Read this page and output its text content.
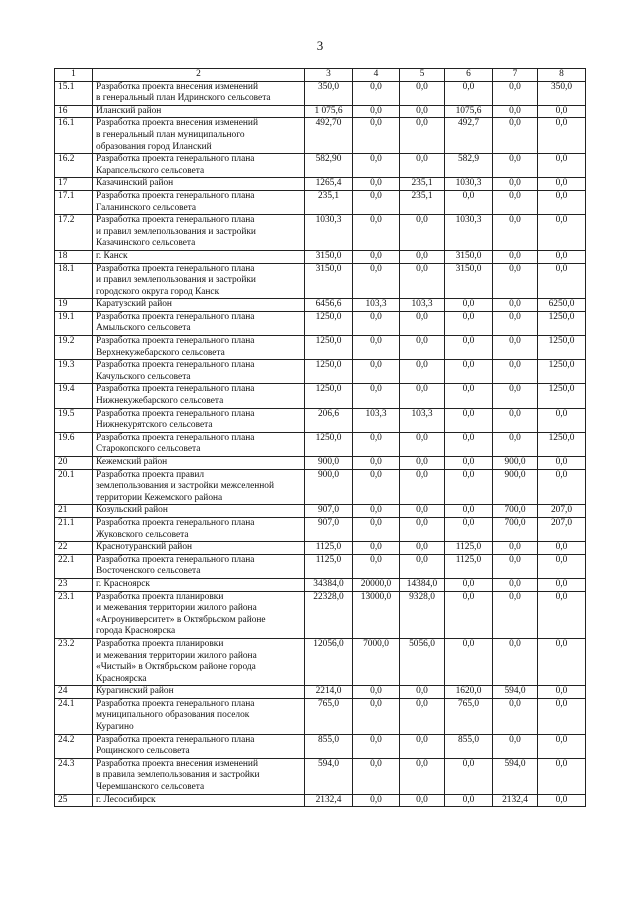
3
1	2	3	4	5	6	7	8
15.1	Разработка проекта внесения изменений
в генеральный план Идринского сельсовета	350,0	0,0	0,0	0,0	0,0	350,0
16	Иланский район	1 075,6	0,0	0,0	1075,6	0,0	0,0
16.1	Разработка проекта внесения изменений
в генеральный план муниципального
образования город Иланский	492,70	0,0	0,0	492,7	0,0	0,0
16.2	Разработка проекта генерального плана
Карапсельского сельсовета	582,90	0,0	0,0	582,9	0,0	0,0
17	Казачинский район	1265,4	0,0	235,1	1030,3	0,0	0,0
17.1	Разработка проекта генерального плана
Галанинского сельсовета	235,1	0,0	235,1	0,0	0,0	0,0
17.2	Разработка проекта генерального плана
и правил землепользования и застройки
Казачинского сельсовета	1030,3	0,0	0,0	1030,3	0,0	0,0
18	г. Канск	3150,0	0,0	0,0	3150,0	0,0	0,0
18.1	Разработка проекта генерального плана
и правил землепользования и застройки
городского округа город Канск	3150,0	0,0	0,0	3150,0	0,0	0,0
19	Каратузский район	6456,6	103,3	103,3	0,0	0,0	6250,0
19.1	Разработка проекта генерального плана
Амыльского сельсовета	1250,0	0,0	0,0	0,0	0,0	1250,0
19.2	Разработка проекта генерального плана
Верхнекужебарского сельсовета	1250,0	0,0	0,0	0,0	0,0	1250,0
19.3	Разработка проекта генерального плана
Качульского сельсовета	1250,0	0,0	0,0	0,0	0,0	1250,0
19.4	Разработка проекта генерального плана
Нижнекужебарского сельсовета	1250,0	0,0	0,0	0,0	0,0	1250,0
19.5	Разработка проекта генерального плана
Нижнекурятского сельсовета	206,6	103,3	103,3	0,0	0,0	0,0
19.6	Разработка проекта генерального плана
Старокопского сельсовета	1250,0	0,0	0,0	0,0	0,0	1250,0
20	Кежемский район	900,0	0,0	0,0	0,0	900,0	0,0
20.1	Разработка проекта правил
землепользования и застройки межселенной
территории Кежемского района	900,0	0,0	0,0	0,0	900,0	0,0
21	Козульский район	907,0	0,0	0,0	0,0	700,0	207,0
21.1	Разработка проекта генерального плана
Жуковского сельсовета	907,0	0,0	0,0	0,0	700,0	207,0
22	Краснотуранский район	1125,0	0,0	0,0	1125,0	0,0	0,0
22.1	Разработка проекта генерального плана
Восточенского сельсовета	1125,0	0,0	0,0	1125,0	0,0	0,0
23	г. Красноярск	34384,0	20000,0	14384,0	0,0	0,0	0,0
23.1	Разработка проекта планировки
и межевания территории жилого района
«Агроуниверситет» в Октябрьском районе
города Красноярска	22328,0	13000,0	9328,0	0,0	0,0	0,0
23.2	Разработка проекта планировки
и межевания территории жилого района
«Чистый» в Октябрьском районе города
Красноярска	12056,0	7000,0	5056,0	0,0	0,0	0,0
24	Курагинский район	2214,0	0,0	0,0	1620,0	594,0	0,0
24.1	Разработка проекта генерального плана
муниципального образования поселок
Курагино	765,0	0,0	0,0	765,0	0,0	0,0
24.2	Разработка проекта генерального плана
Рощинского сельсовета	855,0	0,0	0,0	855,0	0,0	0,0
24.3	Разработка проекта внесения изменений
в правила землепользования и застройки
Черемшанского сельсовета	594,0	0,0	0,0	0,0	594,0	0,0
25	г. Лесосибирск	2132,4	0,0	0,0	0,0	2132,4	0,0
